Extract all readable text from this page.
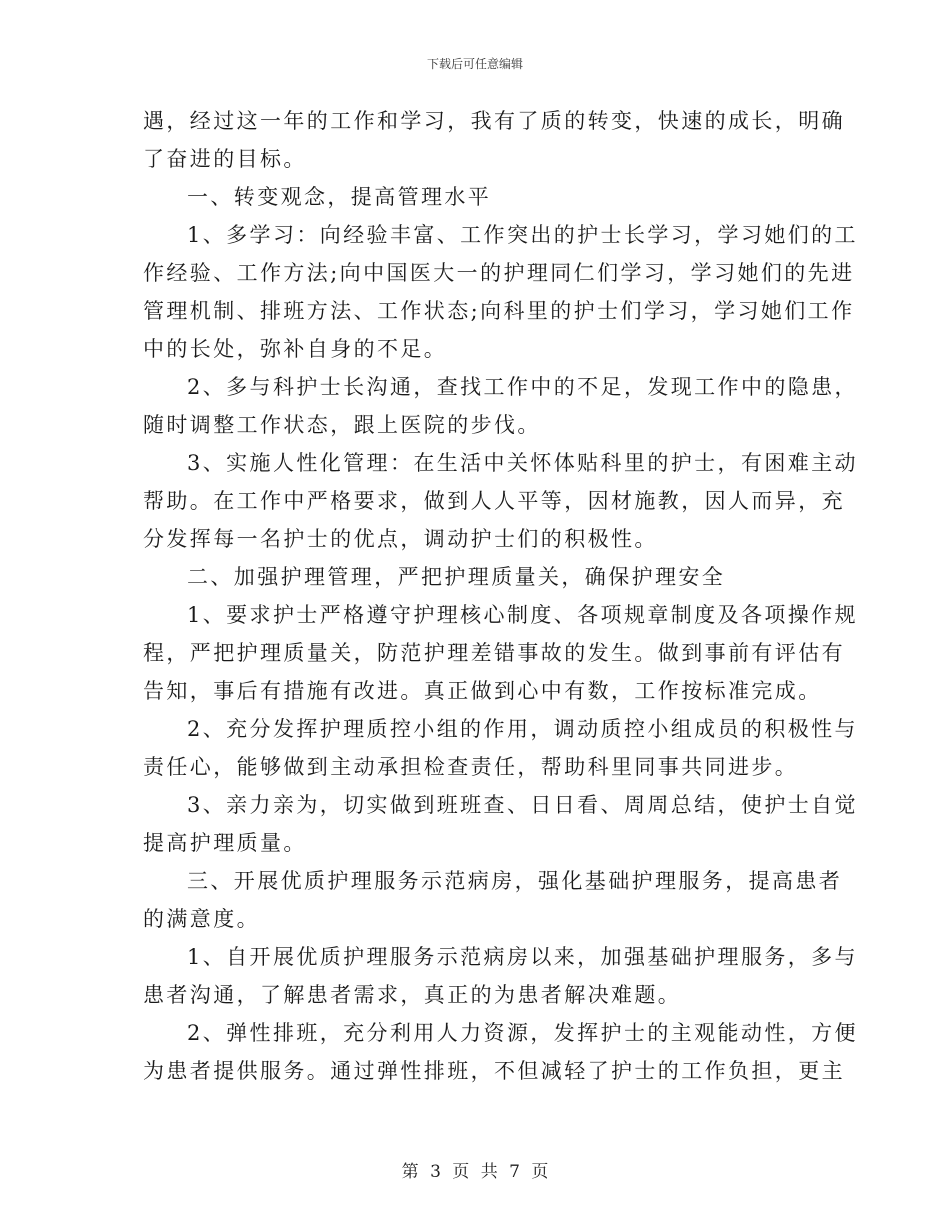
下载后可任意编辑
遇，经过这一年的工作和学习，我有了质的转变，快速的成长，明确
了奋进的目标。
一、转变观念，提高管理水平
1、多学习：向经验丰富、工作突出的护士长学习，学习她们的工
作经验、工作方法;向中国医大一的护理同仁们学习，学习她们的先进
管理机制、排班方法、工作状态;向科里的护士们学习，学习她们工作
中的长处，弥补自身的不足。
2、多与科护士长沟通，查找工作中的不足，发现工作中的隐患，
随时调整工作状态，跟上医院的步伐。
3、实施人性化管理：在生活中关怀体贴科里的护士，有困难主动
帮助。在工作中严格要求，做到人人平等，因材施教，因人而异，充
分发挥每一名护士的优点，调动护士们的积极性。
二、加强护理管理，严把护理质量关，确保护理安全
1、要求护士严格遵守护理核心制度、各项规章制度及各项操作规
程，严把护理质量关，防范护理差错事故的发生。做到事前有评估有
告知，事后有措施有改进。真正做到心中有数，工作按标准完成。
2、充分发挥护理质控小组的作用，调动质控小组成员的积极性与
责任心，能够做到主动承担检查责任，帮助科里同事共同进步。
3、亲力亲为，切实做到班班查、日日看、周周总结，使护士自觉
提高护理质量。
三、开展优质护理服务示范病房，强化基础护理服务，提高患者
的满意度。
1、自开展优质护理服务示范病房以来，加强基础护理服务，多与
患者沟通，了解患者需求，真正的为患者解决难题。
2、弹性排班，充分利用人力资源，发挥护士的主观能动性，方便
为患者提供服务。通过弹性排班，不但减轻了护士的工作负担，更主
第 3 页 共 7 页
